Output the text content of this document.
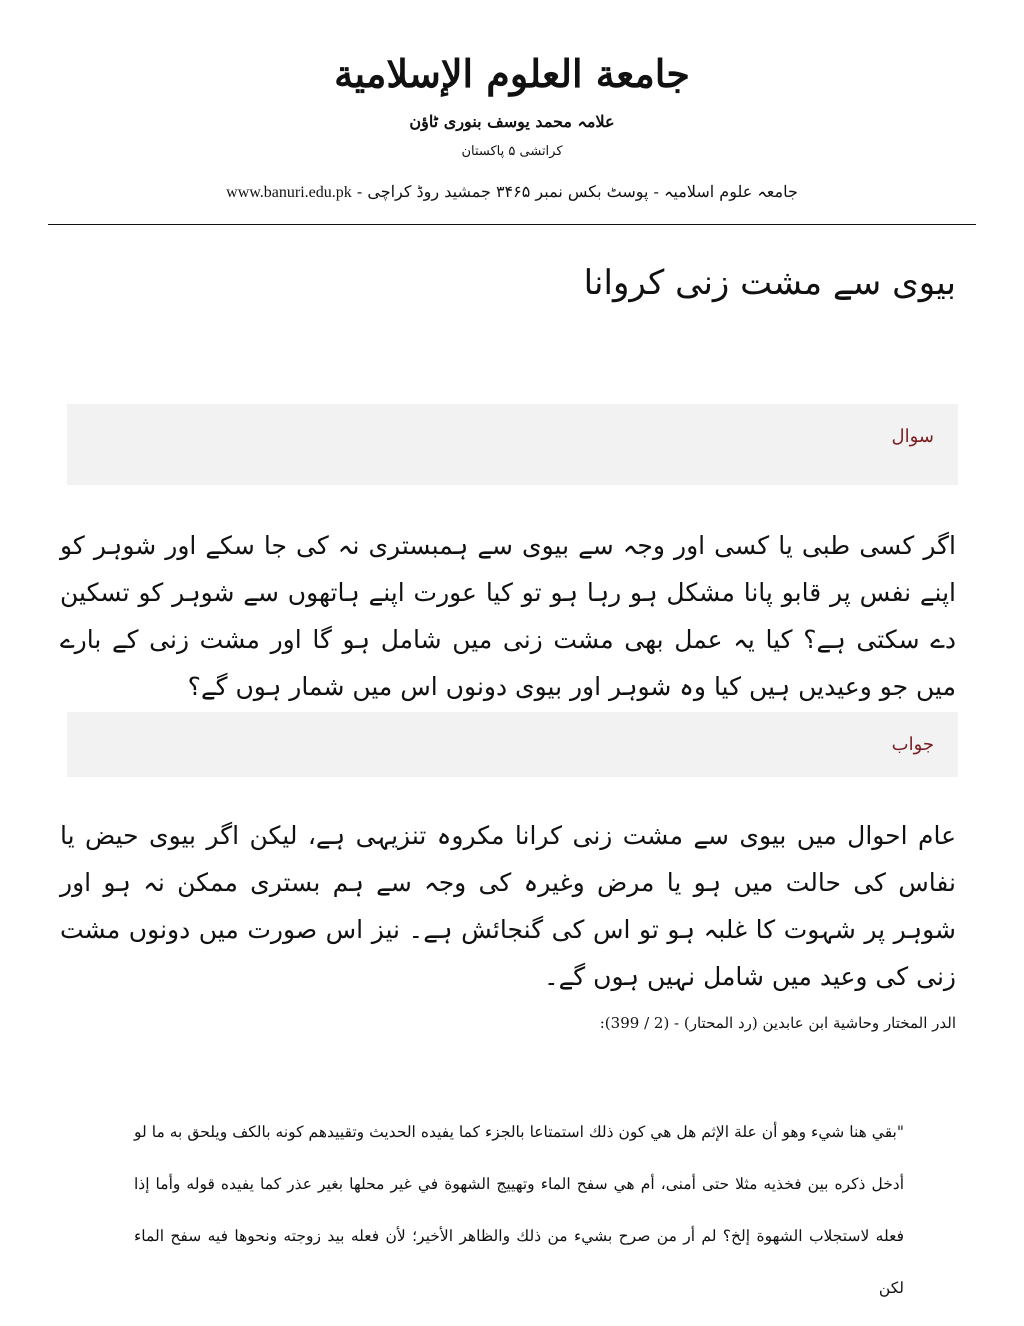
جامعة العلوم الإسلامية
علامہ محمد یوسف بنوری ٹاؤن
کراتشی ۵ پاکستان
www.banuri.edu.pk جامعہ علوم اسلامیہ - پوسٹ بکس نمبر ۳۴۶۵ جمشید روڈ کراچی -
بیوی سے مشت زنی کروانا
سوال
اگر کسی طبی یا کسی اور وجہ سے بیوی سے ہمبستری نہ کی جا سکے اور شوہر کو اپنے نفس پر قابو پانا مشکل ہو رہا ہو تو کیا عورت اپنے ہاتھوں سے شوہر کو تسکین دے سکتی ہے؟ کیا یہ عمل بھی مشت زنی میں شامل ہو گا اور مشت زنی کے بارے میں جو وعیدیں ہیں کیا وہ شوہر اور بیوی دونوں اس میں شمار ہوں گے؟
جواب
عام احوال میں بیوی سے مشت زنی کرانا مکروہ تنزیہی ہے، لیکن اگر بیوی حیض یا نفاس کی حالت میں ہو یا مرض وغیرہ کی وجہ سے ہم بستری ممکن نہ ہو اور شوہر پر شہوت کا غلبہ ہو تو اس کی گنجائش ہے۔ نیز اس صورت میں دونوں مشت زنی کی وعید میں شامل نہیں ہوں گے۔
الدر المختار وحاشية ابن عابدين (رد المحتار) - (2 / 399):
"بقي هنا شيء وهو أن علة الإثم هل هي كون ذلك استمتاعا بالجزء كما يفيده الحديث وتقييدهم كونه بالكف ويلحق به ما لو أدخل ذكره بين فخذيه مثلا حتى أمنى، أم هي سفح الماء وتهييج الشهوة في غير محلها بغير عذر كما يفيده قوله وأما إذا فعله لاستجلاب الشهوة إلخ؟ لم أر من صرح بشيء من ذلك والظاهر الأخير؛ لأن فعله بيد زوجته ونحوها فيه سفح الماء لكن
